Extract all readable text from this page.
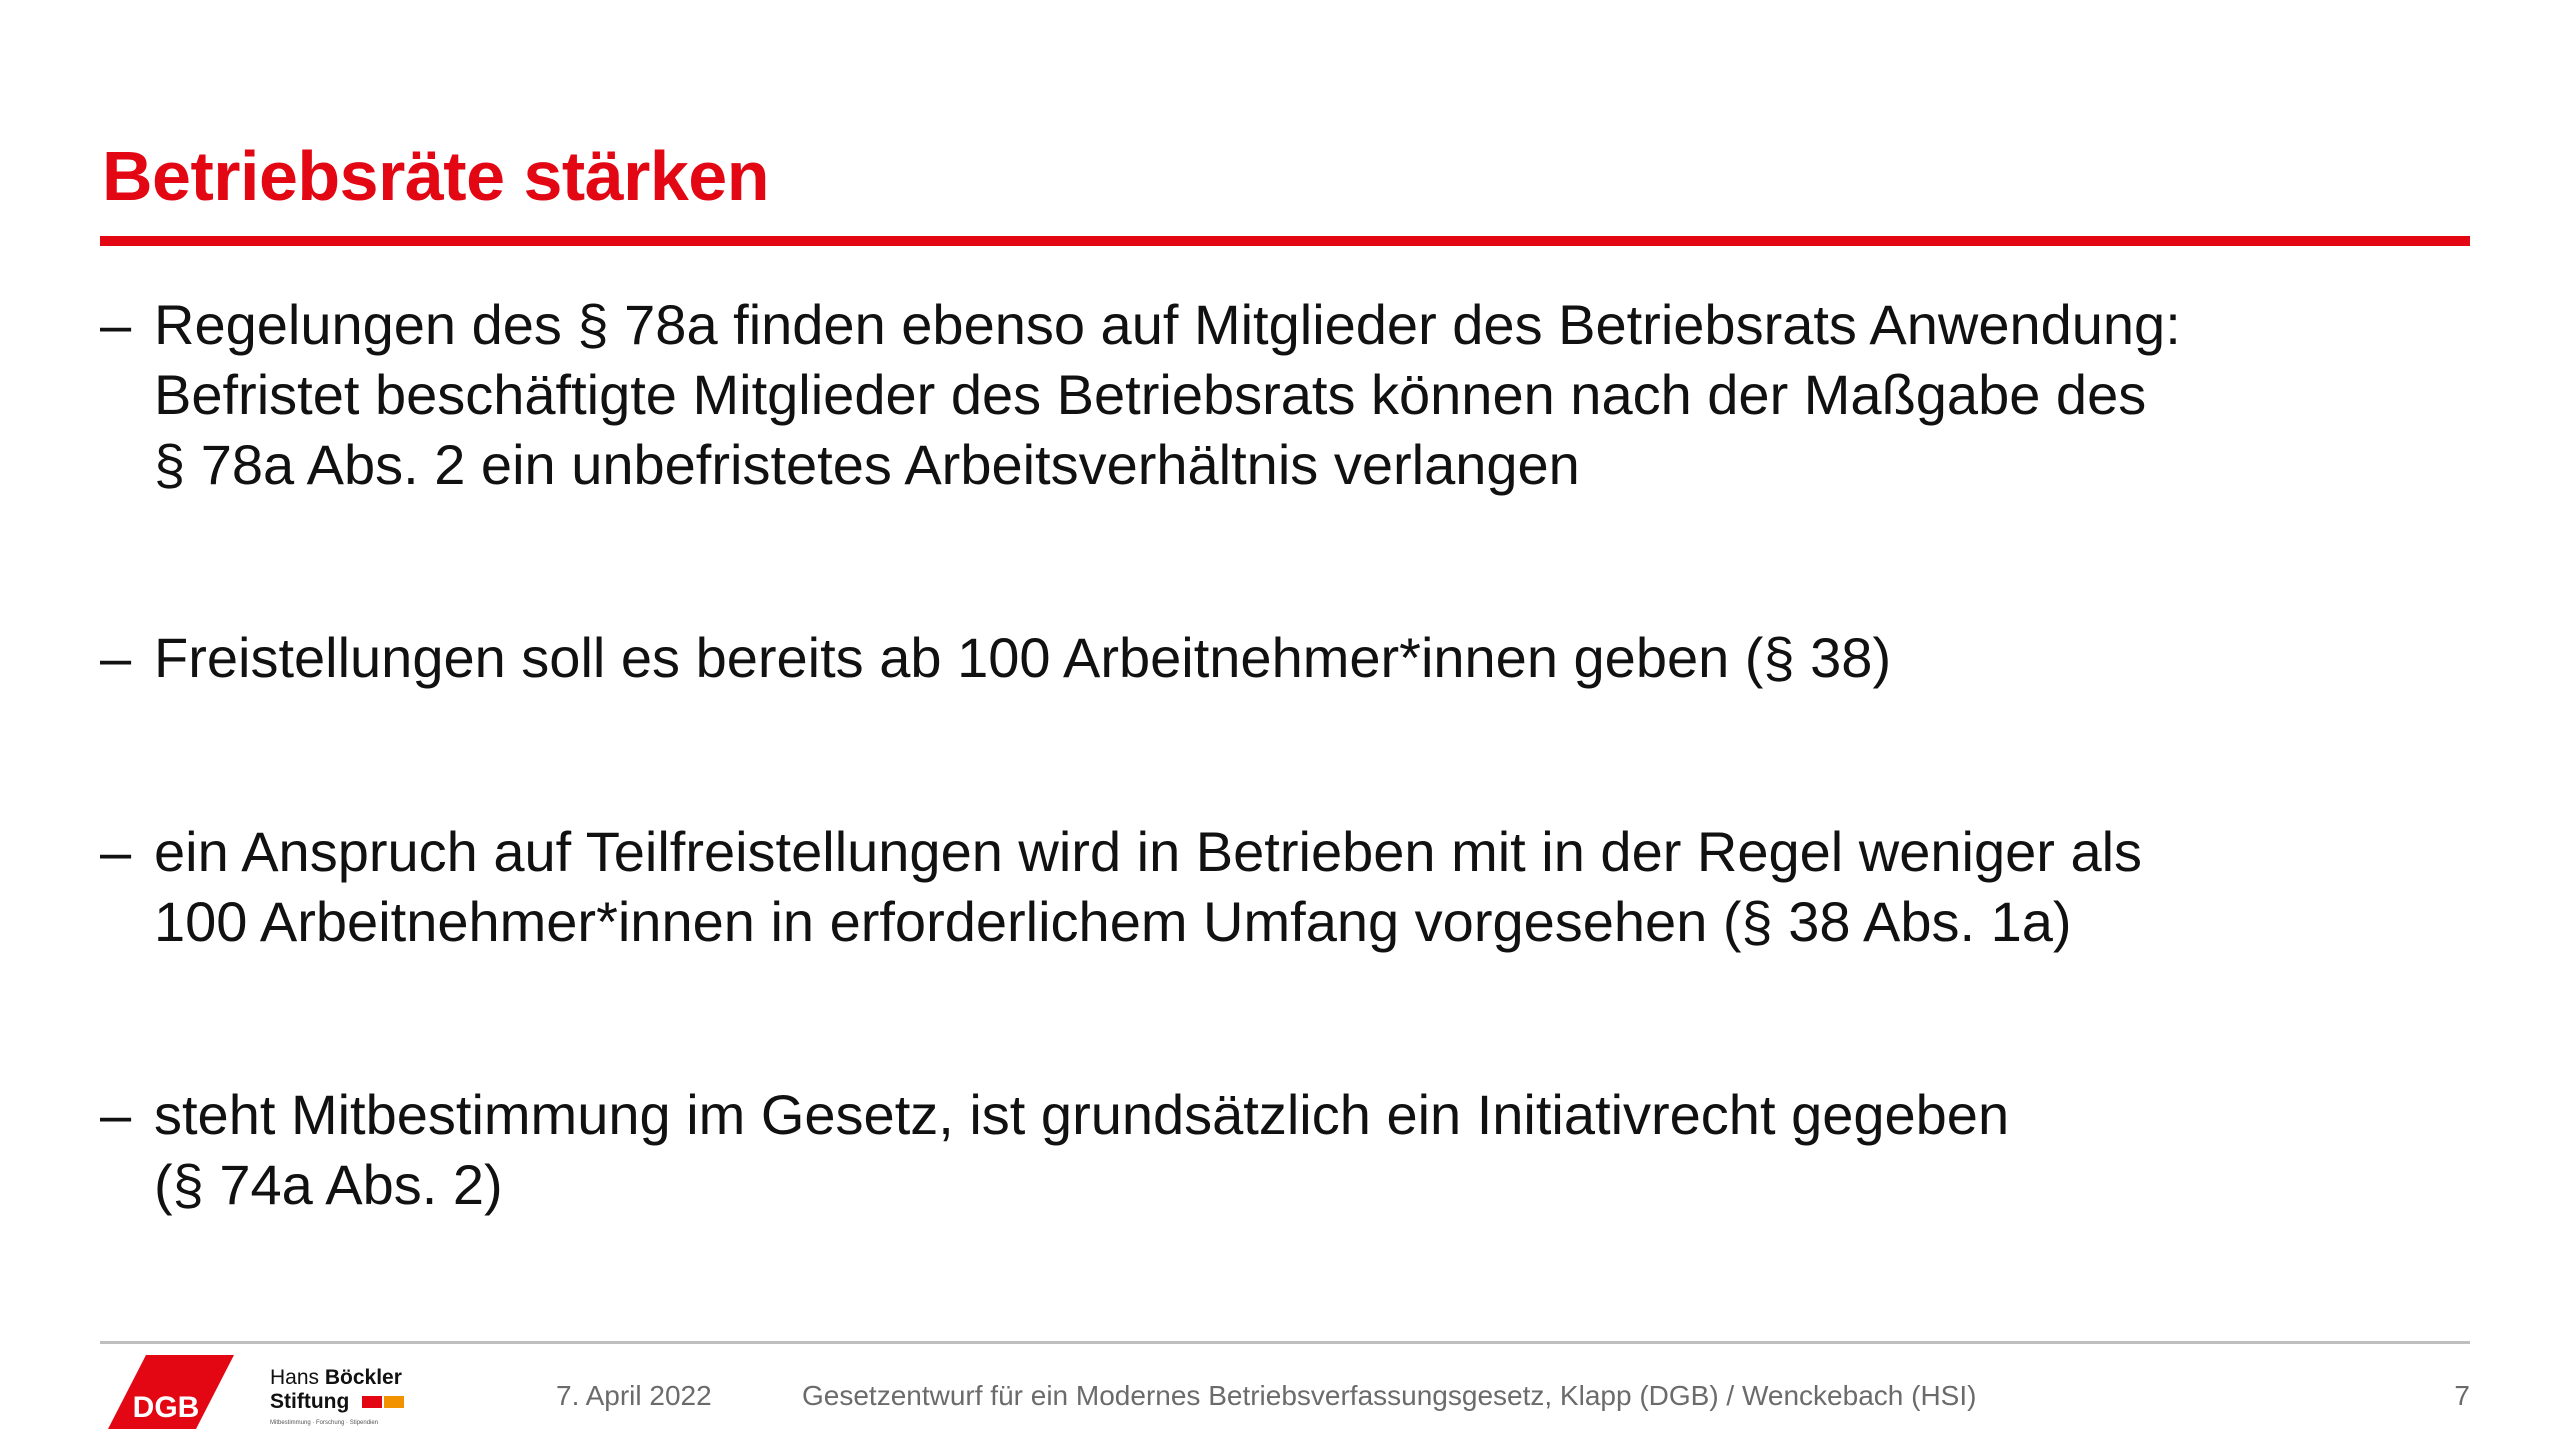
Betriebsräte stärken
– Regelungen des § 78a finden ebenso auf Mitglieder des Betriebsrats Anwendung:
Befristet beschäftigte Mitglieder des Betriebsrats können nach der Maßgabe des
§ 78a Abs. 2 ein unbefristetes Arbeitsverhältnis verlangen
– Freistellungen soll es bereits ab 100 Arbeitnehmer*innen geben (§ 38)
– ein Anspruch auf Teilfreistellungen wird in Betrieben mit in der Regel weniger als
100 Arbeitnehmer*innen in erforderlichem Umfang vorgesehen (§ 38 Abs. 1a)
– steht Mitbestimmung im Gesetz, ist grundsätzlich ein Initiativrecht gegeben
(§ 74a Abs. 2)
DGB
Hans Böckler
Stiftung
Mitbestimmung · Forschung · Stipendien
7. April 2022	Gesetzentwurf für ein Modernes Betriebsverfassungsgesetz, Klapp (DGB) / Wenckebach (HSI)	7
